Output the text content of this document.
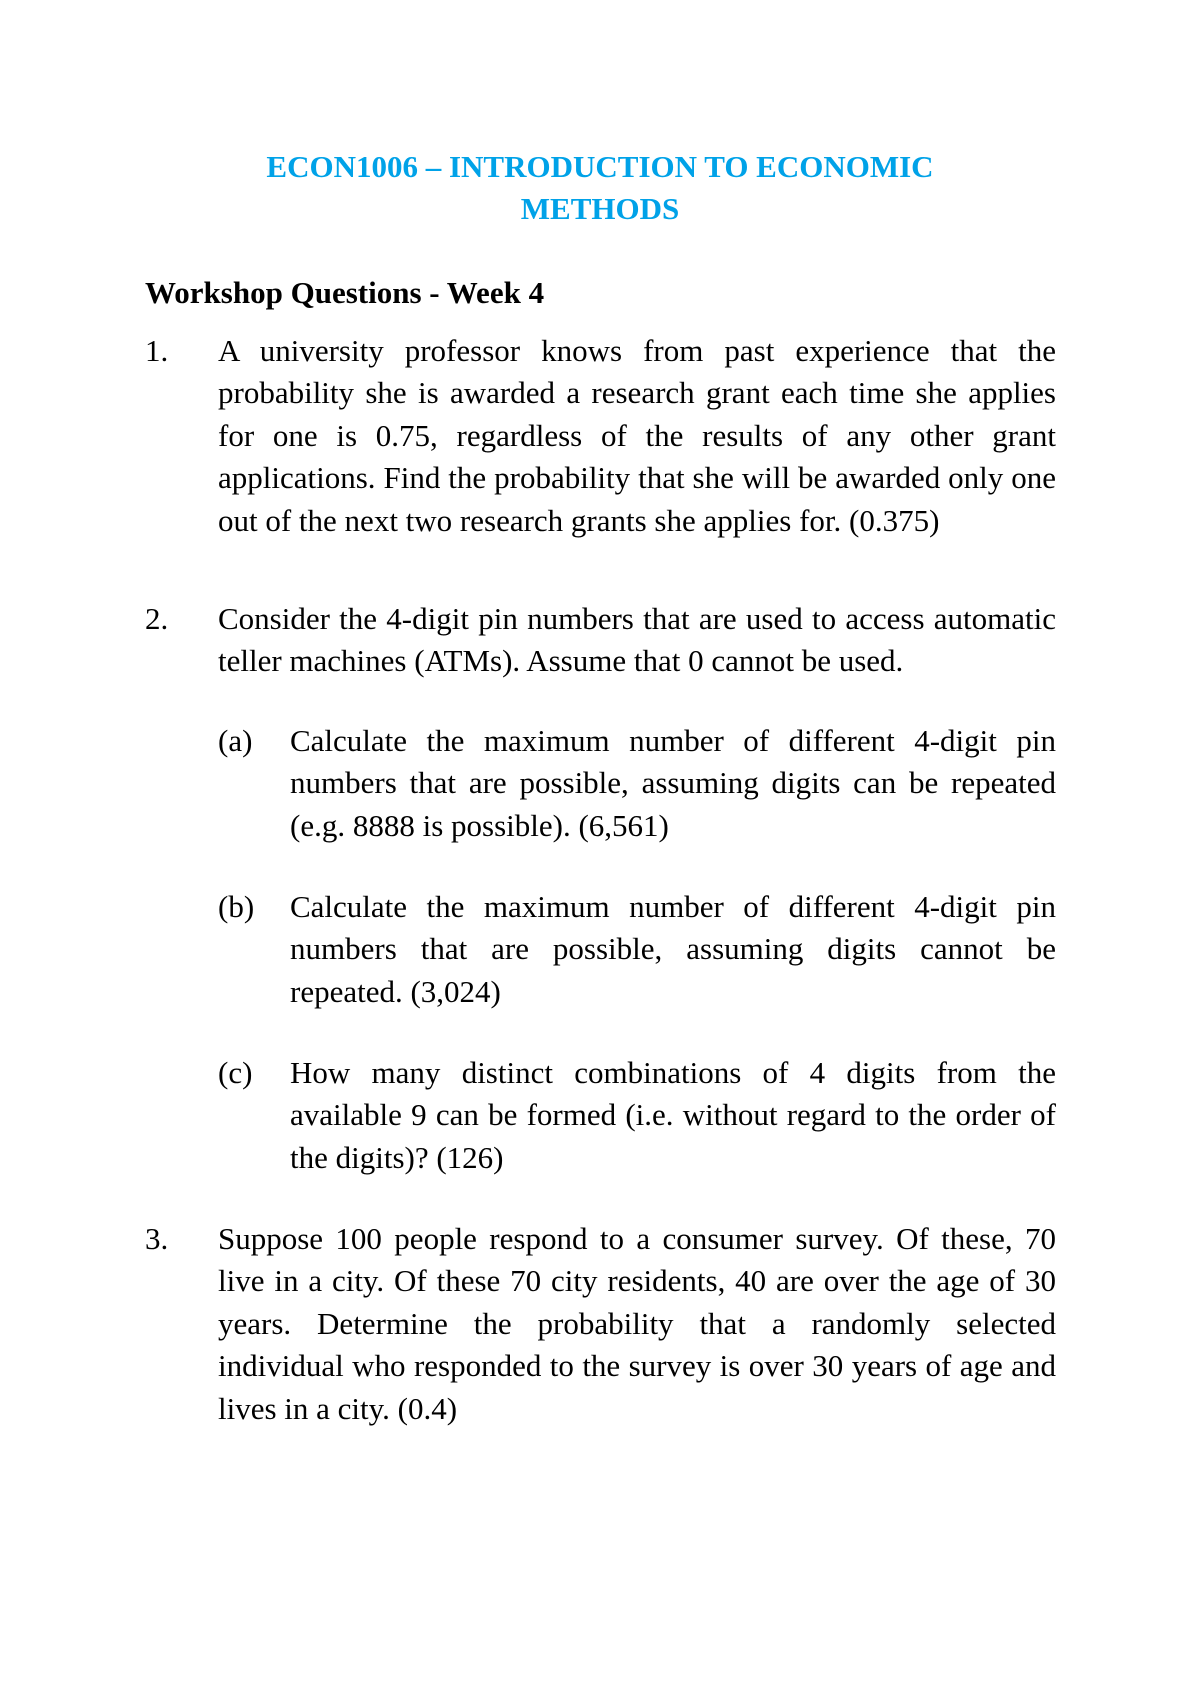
ECON1006 – INTRODUCTION TO ECONOMIC
METHODS
Workshop Questions - Week 4
1. A university professor knows from past experience that the probability she is awarded a research grant each time she applies for one is 0.75, regardless of the results of any other grant applications. Find the probability that she will be awarded only one out of the next two research grants she applies for. (0.375)
2. Consider the 4-digit pin numbers that are used to access automatic teller machines (ATMs). Assume that 0 cannot be used.
(a) Calculate the maximum number of different 4-digit pin numbers that are possible, assuming digits can be repeated (e.g. 8888 is possible). (6,561)
(b) Calculate the maximum number of different 4-digit pin numbers that are possible, assuming digits cannot be repeated. (3,024)
(c) How many distinct combinations of 4 digits from the available 9 can be formed (i.e. without regard to the order of the digits)? (126)
3. Suppose 100 people respond to a consumer survey. Of these, 70 live in a city. Of these 70 city residents, 40 are over the age of 30 years. Determine the probability that a randomly selected individual who responded to the survey is over 30 years of age and lives in a city. (0.4)
